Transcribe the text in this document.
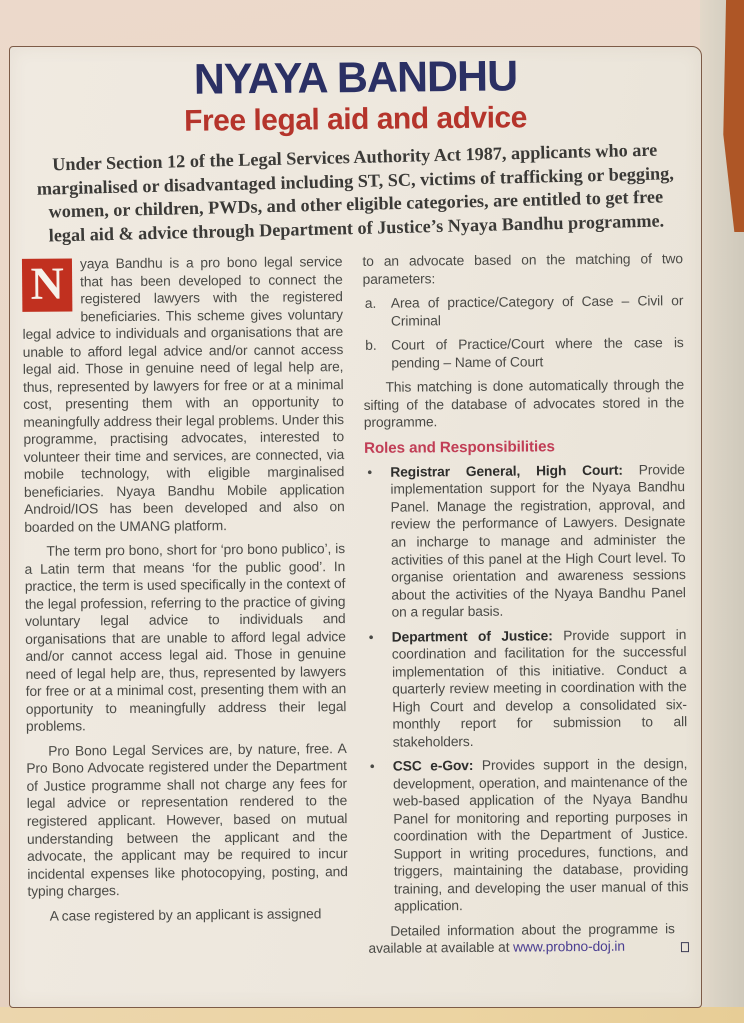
NYAYA BANDHU
Free legal aid and advice

Under Section 12 of the Legal Services Authority Act 1987, applicants who are marginalised or disadvantaged including ST, SC, victims of trafficking or begging, women, or children, PWDs, and other eligible categories, are entitled to get free legal aid & advice through Department of Justice’s Nyaya Bandhu programme.

N	yaya Bandhu is a pro bono legal service that has been developed to connect the registered lawyers with the registered beneficiaries. This scheme gives voluntary legal advice to individuals and organisations that are unable to afford legal advice and/or cannot access legal aid. Those in genuine need of legal help are, thus, represented by lawyers for free or at a minimal cost, presenting them with an opportunity to meaningfully address their legal problems. Under this programme, practising advocates, interested to volunteer their time and services, are connected, via mobile technology, with eligible marginalised beneficiaries. Nyaya Bandhu Mobile application Android/IOS has been developed and also on boarded on the UMANG platform.

The term pro bono, short for ‘pro bono publico’, is a Latin term that means ‘for the public good’. In practice, the term is used specifically in the context of the legal profession, referring to the practice of giving voluntary legal advice to individuals and organisations that are unable to afford legal advice and/or cannot access legal aid. Those in genuine need of legal help are, thus, represented by lawyers for free or at a minimal cost, presenting them with an opportunity to meaningfully address their legal problems.

Pro Bono Legal Services are, by nature, free. A Pro Bono Advocate registered under the Department of Justice programme shall not charge any fees for legal advice or representation rendered to the registered applicant. However, based on mutual understanding between the applicant and the advocate, the applicant may be required to incur incidental expenses like photocopying, posting, and typing charges.

A case registered by an applicant is assigned

to an advocate based on the matching of two parameters:

a.	Area of practice/Category of Case – Civil or Criminal
b.	Court of Practice/Court where the case is pending – Name of Court

This matching is done automatically through the sifting of the database of advocates stored in the programme.

Roles and Responsibilities
•	Registrar General, High Court: Provide implementation support for the Nyaya Bandhu Panel. Manage the registration, approval, and review the performance of Lawyers. Designate an incharge to manage and administer the activities of this panel at the High Court level. To organise orientation and awareness sessions about the activities of the Nyaya Bandhu Panel on a regular basis.

•	Department of Justice: Provide support in coordination and facilitation for the successful implementation of this initiative. Conduct a quarterly review meeting in coordination with the High Court and develop a consolidated six-monthly report for submission to all stakeholders.

•	CSC e-Gov: Provides support in the design, development, operation, and maintenance of the web-based application of the Nyaya Bandhu Panel for monitoring and reporting purposes in coordination with the Department of Justice. Support in writing procedures, functions, and triggers, maintaining the database, providing training, and developing the user manual of this application.

Detailed information about the programme is available at available at www.probno-doj.in
